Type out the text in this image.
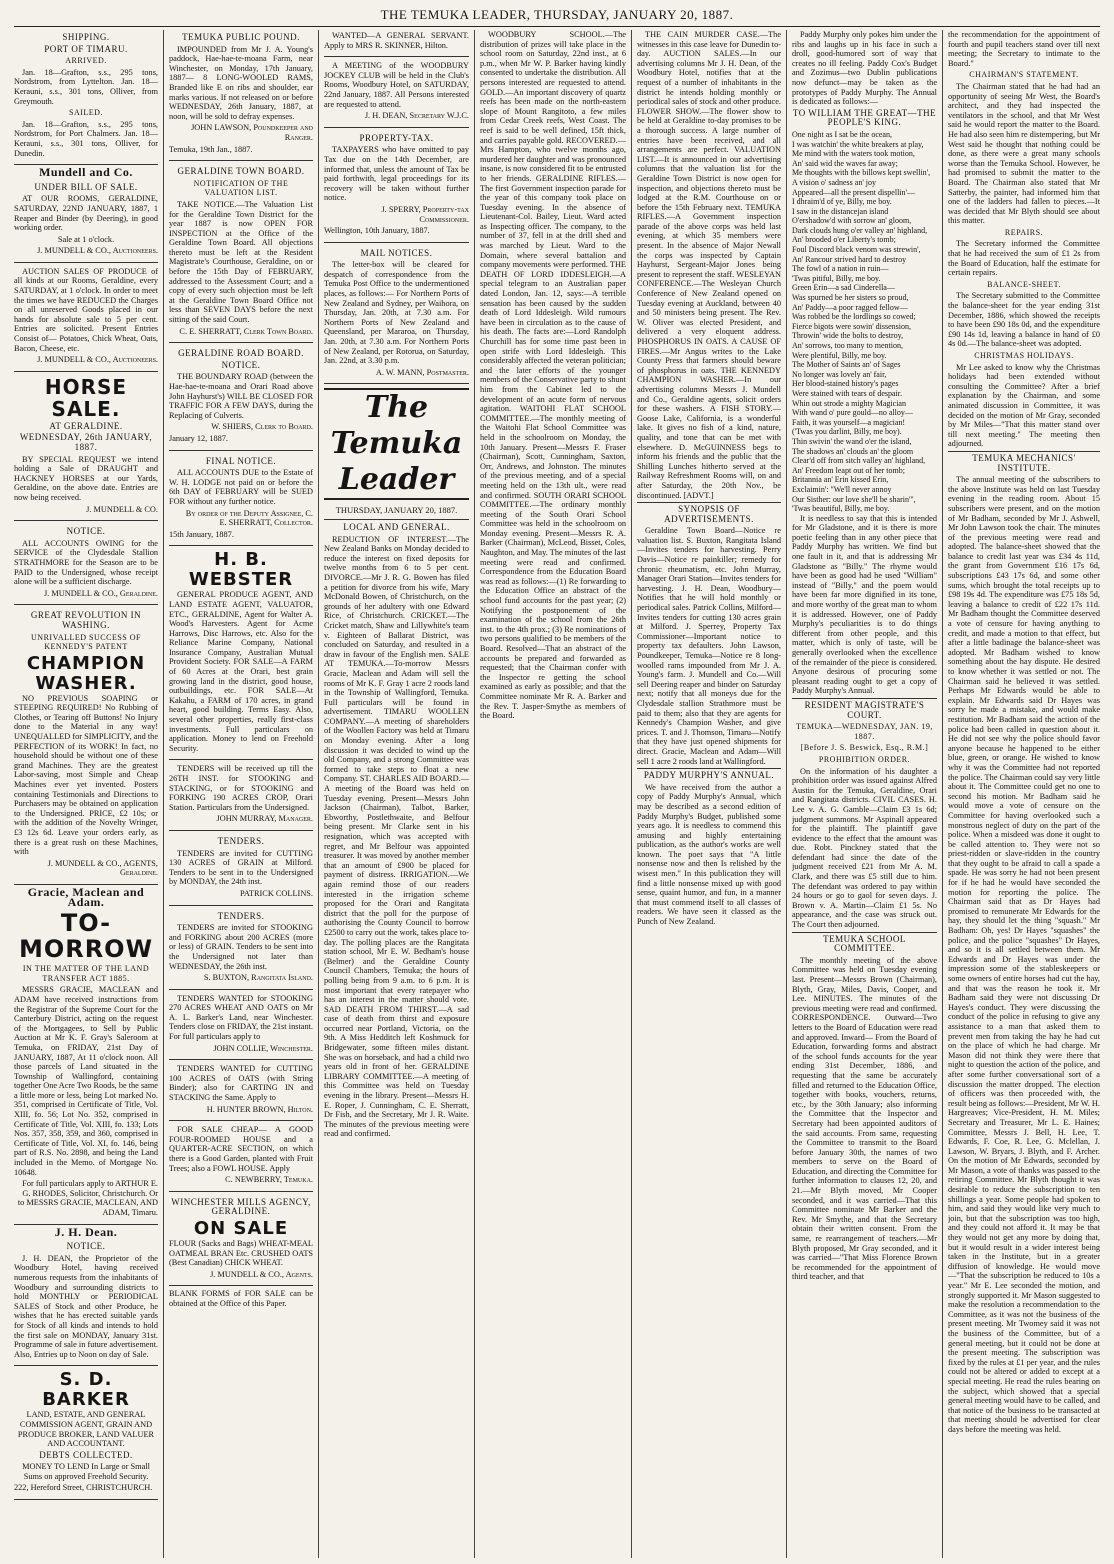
THE TEMUKA LEADER, THURSDAY, JANUARY 20, 1887.
SHIPPING.
PORT OF TIMARU.
ARRIVED.

Jan. 18—Grafton, s.s., 295 tons, Nordstrom, from Lyttelton. Jan. 18—Kerauni, s.s., 301 tons, Olliver, from Greymouth.

SAILED.

Jan. 18—Grafton, s.s., 295 tons, Nordstrom, for Port Chalmers. Jan. 18—Kerauni, s.s., 301 tons, Olliver, for Dunedin.

Mundell and Co.
UNDER BILL OF SALE.

AT OUR ROOMS, GERALDINE, SATURDAY, 22ND JANUARY, 1887, 1 Reaper and Binder (by Deering), in good working order.

Sale at 1 o'clock.

J. MUNDELL & CO., Auctioneers.

AUCTION SALES OF PRODUCE of all kinds at our Rooms, Geraldine, every SATURDAY, at 1 o'clock. In order to meet the times we have REDUCED the Charges on all unreserved Goods placed in our hands for absolute sale to 5 per cent. Entries are solicited. Present Entries Consist of— Potatoes, Chick Wheat, Oats, Bacon, Cheese, etc.

J. MUNDELL & CO., Auctioneers.

HORSE SALE.
AT GERALDINE.
WEDNESDAY, 26th JANUARY, 1887.

BY SPECIAL REQUEST we intend holding a Sale of DRAUGHT and HACKNEY HORSES at our Yards, Geraldine, on the above date. Entries are now being received.

J. MUNDELL & CO.

NOTICE.

ALL ACCOUNTS OWING for the SERVICE of the Clydesdale Stallion STRATHMORE for the Season are to be PAID to the Undersigned, whose receipt alone will be a sufficient discharge.

J. MUNDELL & CO., Geraldine.

GREAT REVOLUTION IN WASHING.
UNRIVALLED SUCCESS OF KENNEDY'S PATENT
CHAMPION WASHER.

NO PREVIOUS SOAPING or STEEPING REQUIRED! No Rubbing of Clothes, or Tearing off Buttons! No Injury done to the Material in any way! UNEQUALLED for SIMPLICITY, and the PERFECTION of its WORK! In fact, no household should be without one of these grand Machines. They are the greatest Labor-saving, most Simple and Cheap Machines ever yet invented. Posters containing Testimonials and Directions to Purchasers may be obtained on application to the Undersigned. PRICE, £2 10s; or with the addition of the Novelty Wringer, £3 12s 6d. Leave your orders early, as there is a great rush on these Machines, with

J. MUNDELL & CO., AGENTS, Geraldine.

Gracie, Maclean and Adam.
TO-MORROW
IN THE MATTER OF THE LAND TRANSFER ACT 1885.

MESSRS GRACIE, MACLEAN and ADAM have received instructions from the Registrar of the Supreme Court for the Canterbury District, acting on the request of the Mortgagees, to Sell by Public Auction at Mr K. F. Gray's Saleroom at Temuka, on FRIDAY, 21st Day of JANUARY, 1887, At 11 o'clock noon. All those parcels of Land situated in the Township of Wallingford, containing together One Acre Two Roods, be the same a little more or less, being Lot marked No. 351, comprised in Certificate of Title, Vol. XIII, fo. 56; Lot No. 352, comprised in Certificate of Title, Vol. XIII, fo. 133; Lots Nos. 357, 358, 359, and 360, comprised in Certificate of Title, Vol. XI, fo. 146, being part of R.S. No. 2898, and being the Land included in the Memo. of Mortgage No. 10648.

For full particulars apply to ARTHUR E. G. RHODES, Solicitor, Christchurch. Or to MESSRS GRACIE, MACLEAN, AND ADAM, Timaru.

J. H. Dean.
NOTICE.

J. H. DEAN, the Proprietor of the Woodbury Hotel, having received numerous requests from the inhabitants of Woodbury and surrounding districts to hold MONTHLY or PERIODICAL SALES of Stock and other Produce, he wishes that he has erected suitable yards for Stock of all kinds and intends to hold the first sale on MONDAY, January 31st. Programme of sale in future advertisement. Also, Entries up to Noon on day of Sale.

S. D. BARKER

LAND, ESTATE, AND GENERAL COMMISSION AGENT, GRAIN AND PRODUCE BROKER, LAND VALUER AND ACCOUNTANT.

DEBTS COLLECTED.

MONEY TO LEND In Large or Small Sums on approved Freehold Security.

222, Hereford Street, CHRISTCHURCH.

TEMUKA PUBLIC POUND.

IMPOUNDED from Mr J. A. Young's paddock, Hae-hae-te-moana Farm, near Winchester, on Monday, 17th January, 1887— 8 LONG-WOOLED RAMS, Branded like E on ribs and shoulder, ear marks various. If not released on or before WEDNESDAY, 26th January, 1887, at noon, will be sold to defray expenses.

JOHN LAWSON, Poundkeeper and Ranger.

Temuka, 19th Jan., 1887.

GERALDINE TOWN BOARD.
NOTIFICATION OF THE VALUATION LIST.

TAKE NOTICE.—The Valuation List for the Geraldine Town District for the year 1887 is now OPEN FOR INSPECTION at the Office of the Geraldine Town Board. All objections thereto must be left at the Resident Magistrate's Courthouse, Geraldine, on or before the 15th Day of FEBRUARY, addressed to the Assessment Court; and a copy of every such objection must be left at the Geraldine Town Board Office not less than SEVEN DAYS before the next sitting of the said Court.

C. E. SHERRATT, Clerk Town Board.

GERALDINE ROAD BOARD.
NOTICE.

THE BOUNDARY ROAD (between the Hae-hae-te-moana and Orari Road above John Hayhurst's) WILL BE CLOSED FOR TRAFFIC FOR A FEW DAYS, during the Replacing of Culverts.

W. SHIERS, Clerk to Board.

January 12, 1887.

FINAL NOTICE.

ALL ACCOUNTS DUE to the Estate of W. H. LODGE not paid on or before the 6th DAY of FEBRUARY will be SUED FOR without any further notice.

By order of the Deputy Assignee, C. E. SHERRATT, Collector.

15th January, 1887.

H. B. WEBSTER

GENERAL PRODUCE AGENT, AND LAND ESTATE AGENT, VALUATOR, ETC., GERALDINE, Agent for Walter A. Wood's Harvesters. Agent for Acme Harrows, Disc Harrows, etc. Also for the Reliance Marine Company, National Insurance Company, Australian Mutual Provident Society. FOR SALE—A FARM of 60 Acres at the Orari, best grain growing land in the district, good house, outbuildings, etc. FOR SALE—At Kakahu, a FARM of 170 acres, in grand heart, good building. Terms Easy. Also, several other properties, really first-class investments. Full particulars on application. Money to lend on Freehold Security.

TENDERS will be received up till the 26TH INST. for STOOKING and STACKING, or for STOOKING and FORKING 190 ACRES CROP, Orari Station. Particulars from the Undersigned.

JOHN MURRAY, Manager.

TENDERS.

TENDERS are invited for CUTTING 130 ACRES of GRAIN at Milford. Tenders to be sent in to the Undersigned by MONDAY, the 24th inst.

PATRICK COLLINS.

TENDERS.

TENDERS are invited for STOOKING and FORKING about 200 ACRES (more or less) of GRAIN. Tenders to be sent into the Undersigned not later than WEDNESDAY, the 26th inst.

S. BUXTON, Rangitata Island.

TENDERS WANTED for STOOKING 270 ACRES WHEAT AND OATS on Mr A. L. Barker's Land, near Winchester. Tenders close on FRIDAY, the 21st instant. For full particulars apply to

JOHN COLLIE, Winchester.

TENDERS WANTED for CUTTING 100 ACRES of OATS (with String Binder); also for CARTING IN and STACKING the Same. Apply to

H. HUNTER BROWN, Hilton.

FOR SALE CHEAP— A GOOD FOUR-ROOMED HOUSE and a QUARTER-ACRE SECTION, on which there is a Good Garden, planted with Fruit Trees; also a FOWL HOUSE. Apply

C. NEWBERRY, Temuka.

WINCHESTER MILLS AGENCY, GERALDINE.
ON SALE

FLOUR (Sacks and Bags) WHEAT-MEAL OATMEAL BRAN Etc. CRUSHED OATS (Best Canadian) CHICK WHEAT.

J. MUNDELL & CO., Agents.

BLANK FORMS of FOR SALE can be obtained at the Office of this Paper.

WANTED—A GENERAL SERVANT. Apply to MRS R. SKINNER, Hilton.

A MEETING of the WOODBURY JOCKEY CLUB will be held in the Club's Rooms, Woodbury Hotel, on SATURDAY, 22nd January, 1887. All Persons interested are requested to attend.

J. H. DEAN, Secretary W.J.C.

PROPERTY-TAX.

TAXPAYERS who have omitted to pay Tax due on the 14th December, are informed that, unless the amount of Tax be paid forthwith, legal proceedings for its recovery will be taken without further notice.

J. SPERRY, Property-tax Commissioner.

Wellington, 10th January, 1887.

MAIL NOTICES.

The letter-box will be cleared for despatch of correspondence from the Temuka Post Office to the undermentioned places, as follows:— For Northern Ports of New Zealand and Sydney, per Waihora, on Thursday, Jan. 20th, at 7.30 a.m. For Northern Ports of New Zealand and Queensland, per Mararoa, on Thursday, Jan. 20th, at 7.30 a.m. For Northern Ports of New Zealand, per Rotorua, on Saturday, Jan. 22nd, at 3.30 p.m.

A. W. MANN, Postmaster.

The Temuka Leader
THURSDAY, JANUARY 20, 1887.
LOCAL AND GENERAL.

REDUCTION OF INTEREST.—The New Zealand Banks on Monday decided to reduce the interest on fixed deposits for twelve months from 6 to 5 per cent. DIVORCE.—Mr J. R. G. Bowen has filed a petition for divorce from his wife, Mary McDonald Bowen, of Christchurch, on the grounds of her adultery with one Edward Rice, of Christchurch. CRICKET.—The Cricket match, Shaw and Lillywhite's team v. Eighteen of Ballarat District, was concluded on Saturday, and resulted in a draw in favour of the English men. SALE AT TEMUKA.—To-morrow Messrs Gracie, Maclean and Adam will sell the rooms of Mr K. F. Gray 1 acre 2 roods land in the Township of Wallingford, Temuka. Full particulars will be found in advertisement. TIMARU WOOLLEN COMPANY.—A meeting of shareholders of the Woollen Factory was held at Timaru on Monday evening. After a long discussion it was decided to wind up the old Company, and a strong Committee was formed to take steps to float a new Company. ST. CHARLES AID BOARD.—A meeting of the Board was held on Tuesday evening. Present—Messrs John Jackson (Chairman), Talbot, Barker, Ebworthy, Postlethwaite, and Belfour being present. Mr Clarke sent in his resignation, which was accepted with regret, and Mr Belfour was appointed treasurer. It was moved by another member that an amount of £900 be placed for payment of distress. IRRIGATION.—We again remind those of our readers interested in the irrigation scheme proposed for the Orari and Rangitata district that the poll for the purpose of authorising the County Council to borrow £2500 to carry out the work, takes place to-day. The polling places are the Rangitata station school, Mr E. W. Bedham's house (Belmer) and the Geraldine County Council Chambers, Temuka; the hours of polling being from 9 a.m. to 6 p.m. It is most important that every ratepayer who has an interest in the matter should vote. SAD DEATH FROM THIRST.—A sad case of death from thirst and exposure occurred near Portland, Victoria, on the 9th. A Miss Hedditch left Koshmuck for Bridgewater, some fifteen miles distant. She was on horseback, and had a child two years old in front of her. GERALDINE LIBRARY COMMITTEE.—A meeting of this Committee was held on Tuesday evening in the library. Present—Messrs H. E. Roper, J. Cunningham, C. E. Sherratt, Dr Fish, and the Secretary, Mr J. R. Waite. The minutes of the previous meeting were read and confirmed.

WOODBURY SCHOOL.—The distribution of prizes will take place in the school room on Saturday, 22nd inst., at 6 p.m., when Mr W. P. Barker having kindly consented to undertake the distribution. All persons interested are requested to attend. GOLD.—An important discovery of quartz reefs has been made on the north-eastern slope of Mount Rangitoto, a few miles from Cedar Creek reefs, West Coast. The reef is said to be well defined, 15ft thick, and carries payable gold. RECOVERED.—Mrs Hampton, who twelve months ago, murdered her daughter and was pronounced insane, is now considered fit to be entrusted to her friends. GERALDINE RIFLES.—The first Government inspection parade for the year of this company took place on Tuesday evening. In the absence of Lieutenant-Col. Bailey, Lieut. Ward acted as Inspecting officer. The company, to the number of 37, fell in at the drill shed and was marched by Lieut. Ward to the Domain, where several battalion and company movements were performed. THE DEATH OF LORD IDDESLEIGH.—A special telegram to an Australian paper dated London, Jan. 12, says:—A terrible sensation has been caused by the sudden death of Lord Iddesleigh. Wild rumours have been in circulation as to the cause of his death. The facts are:—Lord Randolph Churchill has for some time past been in open strife with Lord Iddesleigh. This considerably affected the veteran politician; and the later efforts of the younger members of the Conservative party to shunt him from the Cabinet led to the development of an acute form of nervous agitation. WAITOHI FLAT SCHOOL COMMITTEE.—The monthly meeting of the Waitohi Flat School Committee was held in the schoolroom on Monday, the 10th January. Present—Messrs F. Fraser (Chairman), Scott, Cunningham, Saxton, Orr, Andrews, and Johnston. The minutes of the previous meeting, and of a special meeting held on the 13th ult., were read and confirmed. SOUTH ORARI SCHOOL COMMITTEE.—The ordinary monthly meeting of the South Orari School Committee was held in the schoolroom on Monday evening. Present—Messrs R. A. Barker (Chairman), McLeod, Bisset, Coles, Naughton, and May. The minutes of the last meeting were read and confirmed. Correspondence from the Education Board was read as follows:—(1) Re forwarding to the Education Office an abstract of the school fund accounts for the past year; (2) Notifying the postponement of the examination of the school from the 26th inst. to the 4th prox.; (3) Re nominations of two persons qualified to be members of the Board. Resolved—That an abstract of the accounts be prepared and forwarded as requested; that the Chairman confer with the Inspector re getting the school examined as early as possible; and that the Committee nominate Mr R. A. Barker and the Rev. T. Jasper-Smythe as members of the Board.

THE CAIN MURDER CASE.—The witnesses in this case leave for Dunedin to-day. AUCTION SALES.—In our advertising columns Mr J. H. Dean, of the Woodbury Hotel, notifies that at the request of a number of inhabitants in the district he intends holding monthly or periodical sales of stock and other produce. FLOWER SHOW.—The flower show to be held at Geraldine to-day promises to be a thorough success. A large number of entries have been received, and all arrangements are perfect. VALUATION LIST.—It is announced in our advertising columns that the valuation list for the Geraldine Town District is now open for inspection, and objections thereto must be lodged at the R.M. Courthouse on or before the 15th February next. TEMUKA RIFLES.—A Government inspection parade of the above corps was held last evening, at which 35 members were present. In the absence of Major Newall the corps was inspected by Captain Hayhurst, Sergeant-Major Jones being present to represent the staff. WESLEYAN CONFERENCE.—The Wesleyan Church Conference of New Zealand opened on Tuesday evening at Auckland, between 40 and 50 ministers being present. The Rev. W. Oliver was elected President, and delivered a very eloquent address. PHOSPHORUS IN OATS. A CAUSE OF FIRES.—Mr Angus writes to the Lake County Press that farmers should beware of phosphorus in oats. THE KENNEDY CHAMPION WASHER.—In our advertising columns Messrs J. Mundell and Co., Geraldine agents, solicit orders for these washers. A FISH STORY.—Goose Lake, California, is a wonderful lake. It gives no fish of a kind, nature, quality, and tone that can be met with elsewhere. D. McGUINNESS begs to inform his friends and the public that the Shilling Lunches hitherto served at the Railway Refreshment Rooms will, on and after Saturday, the 20th Nov., be discontinued. [ADVT.]

SYNOPSIS OF ADVERTISEMENTS.

Geraldine Town Board—Notice re valuation list. S. Buxton, Rangitata Island—Invites tenders for harvesting. Perry Davis—Notice re painkiller; remedy for chronic rheumatism, etc. John Murray, Manager Orari Station—Invites tenders for harvesting. J. H. Dean, Woodbury—Notifies that he will hold monthly or periodical sales. Patrick Collins, Milford—Invites tenders for cutting 130 acres grain at Milford. J. Sperrey, Property Tax Commissioner—Important notice to property tax defaulters. John Lawson, Poundkeeper, Temuka—Notice re 8 long-woolled rams impounded from Mr J. A. Young's farm. J. Mundell and Co.—Will sell Deering reaper and binder on Saturday next; notify that all moneys due for the Clydesdale stallion Strathmore must be paid to them; also that they are agents for Kennedy's Champion Washer, and give prices. T. and J. Thomson, Timaru—Notify that they have just opened shipments for direct. Gracie, Maclean and Adam—Will sell 1 acre 2 roods land at Wallingford.

PADDY MURPHY'S ANNUAL.

We have received from the author a copy of Paddy Murphy's Annual, which may be described as a second edition of Paddy Murphy's Budget, published some years ago. It is needless to commend this amusing and highly entertaining publication, as the author's works are well known. The poet says that "A little nonsense now and then Is relished by the wisest men." In this publication they will find a little nonsense mixed up with good sense, quaint humor, and fun, in a manner that must commend itself to all classes of readers. We have seen it classed as the Punch of New Zealand.

Paddy Murphy only pokes him under the ribs and laughs up in his face in such a droll, good-humored sort of way that creates no ill feeling. Paddy Cox's Budget and Zozimus—two Dublin publications now defunct—may be taken as the prototypes of Paddy Murphy. The Annual is dedicated as follows:—

TO WILLIAM THE GREAT—THE PEOPLE'S KING.
One night as I sat be the ocean,
I was watchin' the white breakers at play,
Me mind with the waters took motion,
An' said wid the waves far away;
Me thoughts with the billows kept swellin',
A vision o' sadness an' joy
Appeared—all the present dispellin'—
I dhraim'd of ye, Billy, me boy.
I saw in the distancejan island
O'ershadow'd with sorrow an' gloom,
Dark clouds hung o'er valley an' highland,
An' brooded o'er Liberty's tomb;
Foul Discord black venom was strewin',
An' Rancour strived hard to destroy
The fowl of a nation in ruin—
'Twas pitiful, Billy, me boy.
Green Erin—a sad Cinderella—
Was spurned be her sisters so proud,
An' Paddy—a poor ragged fellow—
Was robbed be the lordlings so cowed;
Fierce bigots were sowin' dissension,
Throwin' wide the bolts to destroy,
An' sorrows, too many to mention,
Were plentiful, Billy, me boy.
The Mother of Saints an' of Sages
No longer was lovely an' fair,
Her blood-stained history's pages
Were stained with tears of despair.
Whin out strode a mighty Magician
With wand o' pure gould—no alloy—
Faith, it was yourself—a magician!
('Twas you darlint, Billy, me boy).
Thin swivin' the wand o'er the island,
The shadows an' clouds an' the gloom
Clear'd off from sitch valley an' highland,
An' Freedom leapt out of her tomb;
Britannia an' Erin kissed Erin,
Exclaimin': "We'll never annoy
Our Sisther: our love she'll be sharin'",
'Twas beautiful, Billy, me boy.

It is needless to say that this is intended for Mr Gladstone, and it is there is more poetic feeling than in any other piece that Paddy Murphy has written. We find but one fault in it, and that is addressing Mr Gladstone as "Billy." The rhyme would have been as good had he used "William" instead of "Billy," and the poem would have been far more dignified in its tone, and more worthy of the great man to whom it is addressed. However, one of Paddy Murphy's peculiarities is to do things different from other people, and this matter, which is only of taste, will be generally overlooked when the excellence of the remainder of the piece is considered. Anyone desirous of procuring some pleasant reading ought to get a copy of Paddy Murphy's Annual.

RESIDENT MAGISTRATE'S COURT.
TEMUKA—WEDNESDAY, JAN. 19, 1887.
[Before J. S. Beswick, Esq., R.M.]
PROHIBITION ORDER.

On the information of his daughter a prohibition order was issued against Alfred Austin for the Temuka, Geraldine, Orari and Rangitata districts. CIVIL CASES. H. Lee v. A. G. Gamble—Claim £3 1s 6d; judgment summons. Mr Aspinall appeared for the plaintiff. The plaintiff gave evidence to the effect that the amount was due. Robt. Pinckney stated that the defendant had since the date of the judgment received £21 from Mr A. M. Clark, and there was £5 still due to him. The defendant was ordered to pay within 24 hours or go to gaol for seven days. J. Brown v. A. Martin—Claim £1 5s. No appearance, and the case was struck out. The Court then adjourned.

TEMUKA SCHOOL COMMITTEE.

The monthly meeting of the above Committee was held on Tuesday evening last. Present—Messrs Brown (Chairman), Blyth, Gray, Miles, Davis, Cooper, and Lee. MINUTES. The minutes of the previous meeting were read and confirmed. CORRESPONDENCE. Outward—Two letters to the Board of Education were read and approved. Inward— From the Board of Education, forwarding forms and abstract of the school funds accounts for the year ending 31st December, 1886, and requesting that the same be accurately filled and returned to the Education Office, together with books, vouchers, returns, etc., by the 30th January; also informing the Committee that the Inspector and Secretary had been appointed auditors of the said accounts. From same, requesting the Committee to transmit to the Board before January 30th, the names of two members to serve on the Board of Education, and directing the Committee for further information to clauses 12, 20, and 21.—Mr Blyth moved, Mr Cooper seconded, and it was carried—That this Committee nominate Mr Barker and the Rev. Mr Smythe, and that the Secretary obtain their written consent. From the same, re rearrangement of teachers.—Mr Blyth proposed, Mr Gray seconded, and it was carried—"That Miss Florence Brown be recommended for the appointment of third teacher, and that

the recommendation for the appointment of fourth and pupil teachers stand over till next meeting; the Secretary to intimate to the Board."

CHAIRMAN'S STATEMENT.

The Chairman stated that he had had an opportunity of seeing Mr West, the Board's architect, and they had inspected the ventilators in the school, and that Mr West said he would report the matter to the Board. He had also seen him re distempering, but Mr West said he thought that nothing could be done, as there were a great many schools worse than the Temuka School. However, he had promised to submit the matter to the Board. The Chairman also stated that Mr Satterby, the painter, had informed him that one of the ladders had fallen to pieces.—It was decided that Mr Blyth should see about this matter.

REPAIRS.

The Secretary informed the Committee that he had received the sum of £1 2s from the Board of Education, half the estimate for certain repairs.

BALANCE-SHEET.

The Secretary submitted to the Committee the balance-sheet for the year ending 31st December, 1886, which showed the receipts to have been £90 18s 0d, and the expenditure £90 14s 1d, leaving a balance in hand of £0 4s 0d.—The balance-sheet was adopted.

CHRISTMAS HOLIDAYS.

Mr Lee asked to know why the Christmas holidays had been extended without consulting the Committee? After a brief explanation by the Chairman, and some animated discussion in Committee, it was decided on the motion of Mr Gray, seconded by Mr Miles—"That this matter stand over till next meeting." The meeting then adjourned.

TEMUKA MECHANICS' INSTITUTE.

The annual meeting of the subscribers to the above Institute was held on last Tuesday evening in the reading room. About 15 subscribers were present, and on the motion of Mr Badham, seconded by Mr J. Ashwell, Mr John Lawson took the chair. The minutes of the previous meeting were read and adopted. The balance-sheet showed that the balance to credit last year was £34 4s 11d, the grant from Government £16 17s 6d, subscriptions £43 17s 6d, and some other sums, which brought the total receipts up to £98 19s 4d. The expenditure was £75 18s 5d, leaving a balance to credit of £22 17s 11d. Mr Badham thought the Committee deserved a vote of censure for having anything to credit, and made a motion to that effect, but after a little badinage the balance-sheet was adopted. Mr Badham wished to know something about the hay dispute. He desired to know whether it was settled or not. The Chairman said he believed it was settled. Perhaps Mr Edwards would be able to explain. Mr Edwards said Dr Hayes was sorry he made a mistake, and would make restitution. Mr Badham said the action of the police had been called in question about it. He did not see why the police should favor anyone because he happened to be either blue, green, or orange. He wished to know why it was the Committee had not reported the police. The Chairman could say very little about it. The Committee could get no one to second his motion. Mr Badham said he would move a vote of censure on the Committee for having overlooked such a monstrous neglect of duty on the part of the police. When a misdeed was done it ought to be called attention to. They were not so priest-ridden or slave-ridden in the country that they ought to be afraid to call a spade a spade. He was sorry he had not been present for if he had he would have seconded the motion for reporting the police. The Chairman said that as Dr Hayes had promised to remunerate Mr Edwards for the hay, they should let the thing "squash." Mr Badham: Oh, yes! Dr Hayes "squashes" the police, and the police "squashes" Dr Hayes, and so it is all settled between them. Mr Edwards and Dr Hayes was under the impression some of the stableskeepers or some owners of entire horses had cut the hay, and that was the reason he took it. Mr Badham said they were not discussing Dr Hayes's conduct. They were discussing the conduct of the police in refusing to give any assistance to a man that asked them to prevent men from taking the hay he had cut on the place of which he had charge. Mr Mason did not think they were there that night to question the action of the police, and after some further conversational sort of a discussion the matter dropped. The election of officers was then proceeded with, the result being as follows:—President, Mr W. H. Hargreaves; Vice-President, H. M. Miles; Secretary and Treasurer, Mr L. E. Haines; Committee, Messrs J. Bell, H. Lee, T. Edwards, F. Coe, R. Lee, G. Mclellan, J. Lawson, W. Bryars, J. Blyth, and F. Archer. On the motion of Mr Edwards, seconded by Mr Mason, a vote of thanks was passed to the retiring Committee. Mr Blyth thought it was desirable to reduce the subscription to ten shillings a year. Some people had spoken to him, and said they would like very much to join, but that the subscription was too high, and they could not afford it. It may be that they would not get any more by doing that, but it would result in a wider interest being taken in the Institute, but in a greater diffusion of knowledge. He would move—"That the subscription be reduced to 10s a year." Mr E. Lee seconded the motion, and strongly supported it. Mr Mason suggested to make the resolution a recommendation to the Committee, as it was not the business of the present meeting. Mr Twomey said it was not the business of the Committee, but of a general meeting, but it could not be done at the present meeting. The subscription was fixed by the rules at £1 per year, and the rules could not be altered or added to except at a special meeting. He read the rules bearing on the subject, which showed that a special general meeting would have to be called, and that notice of the business to be transacted at that meeting should be advertised for clear days before the meeting was held.
